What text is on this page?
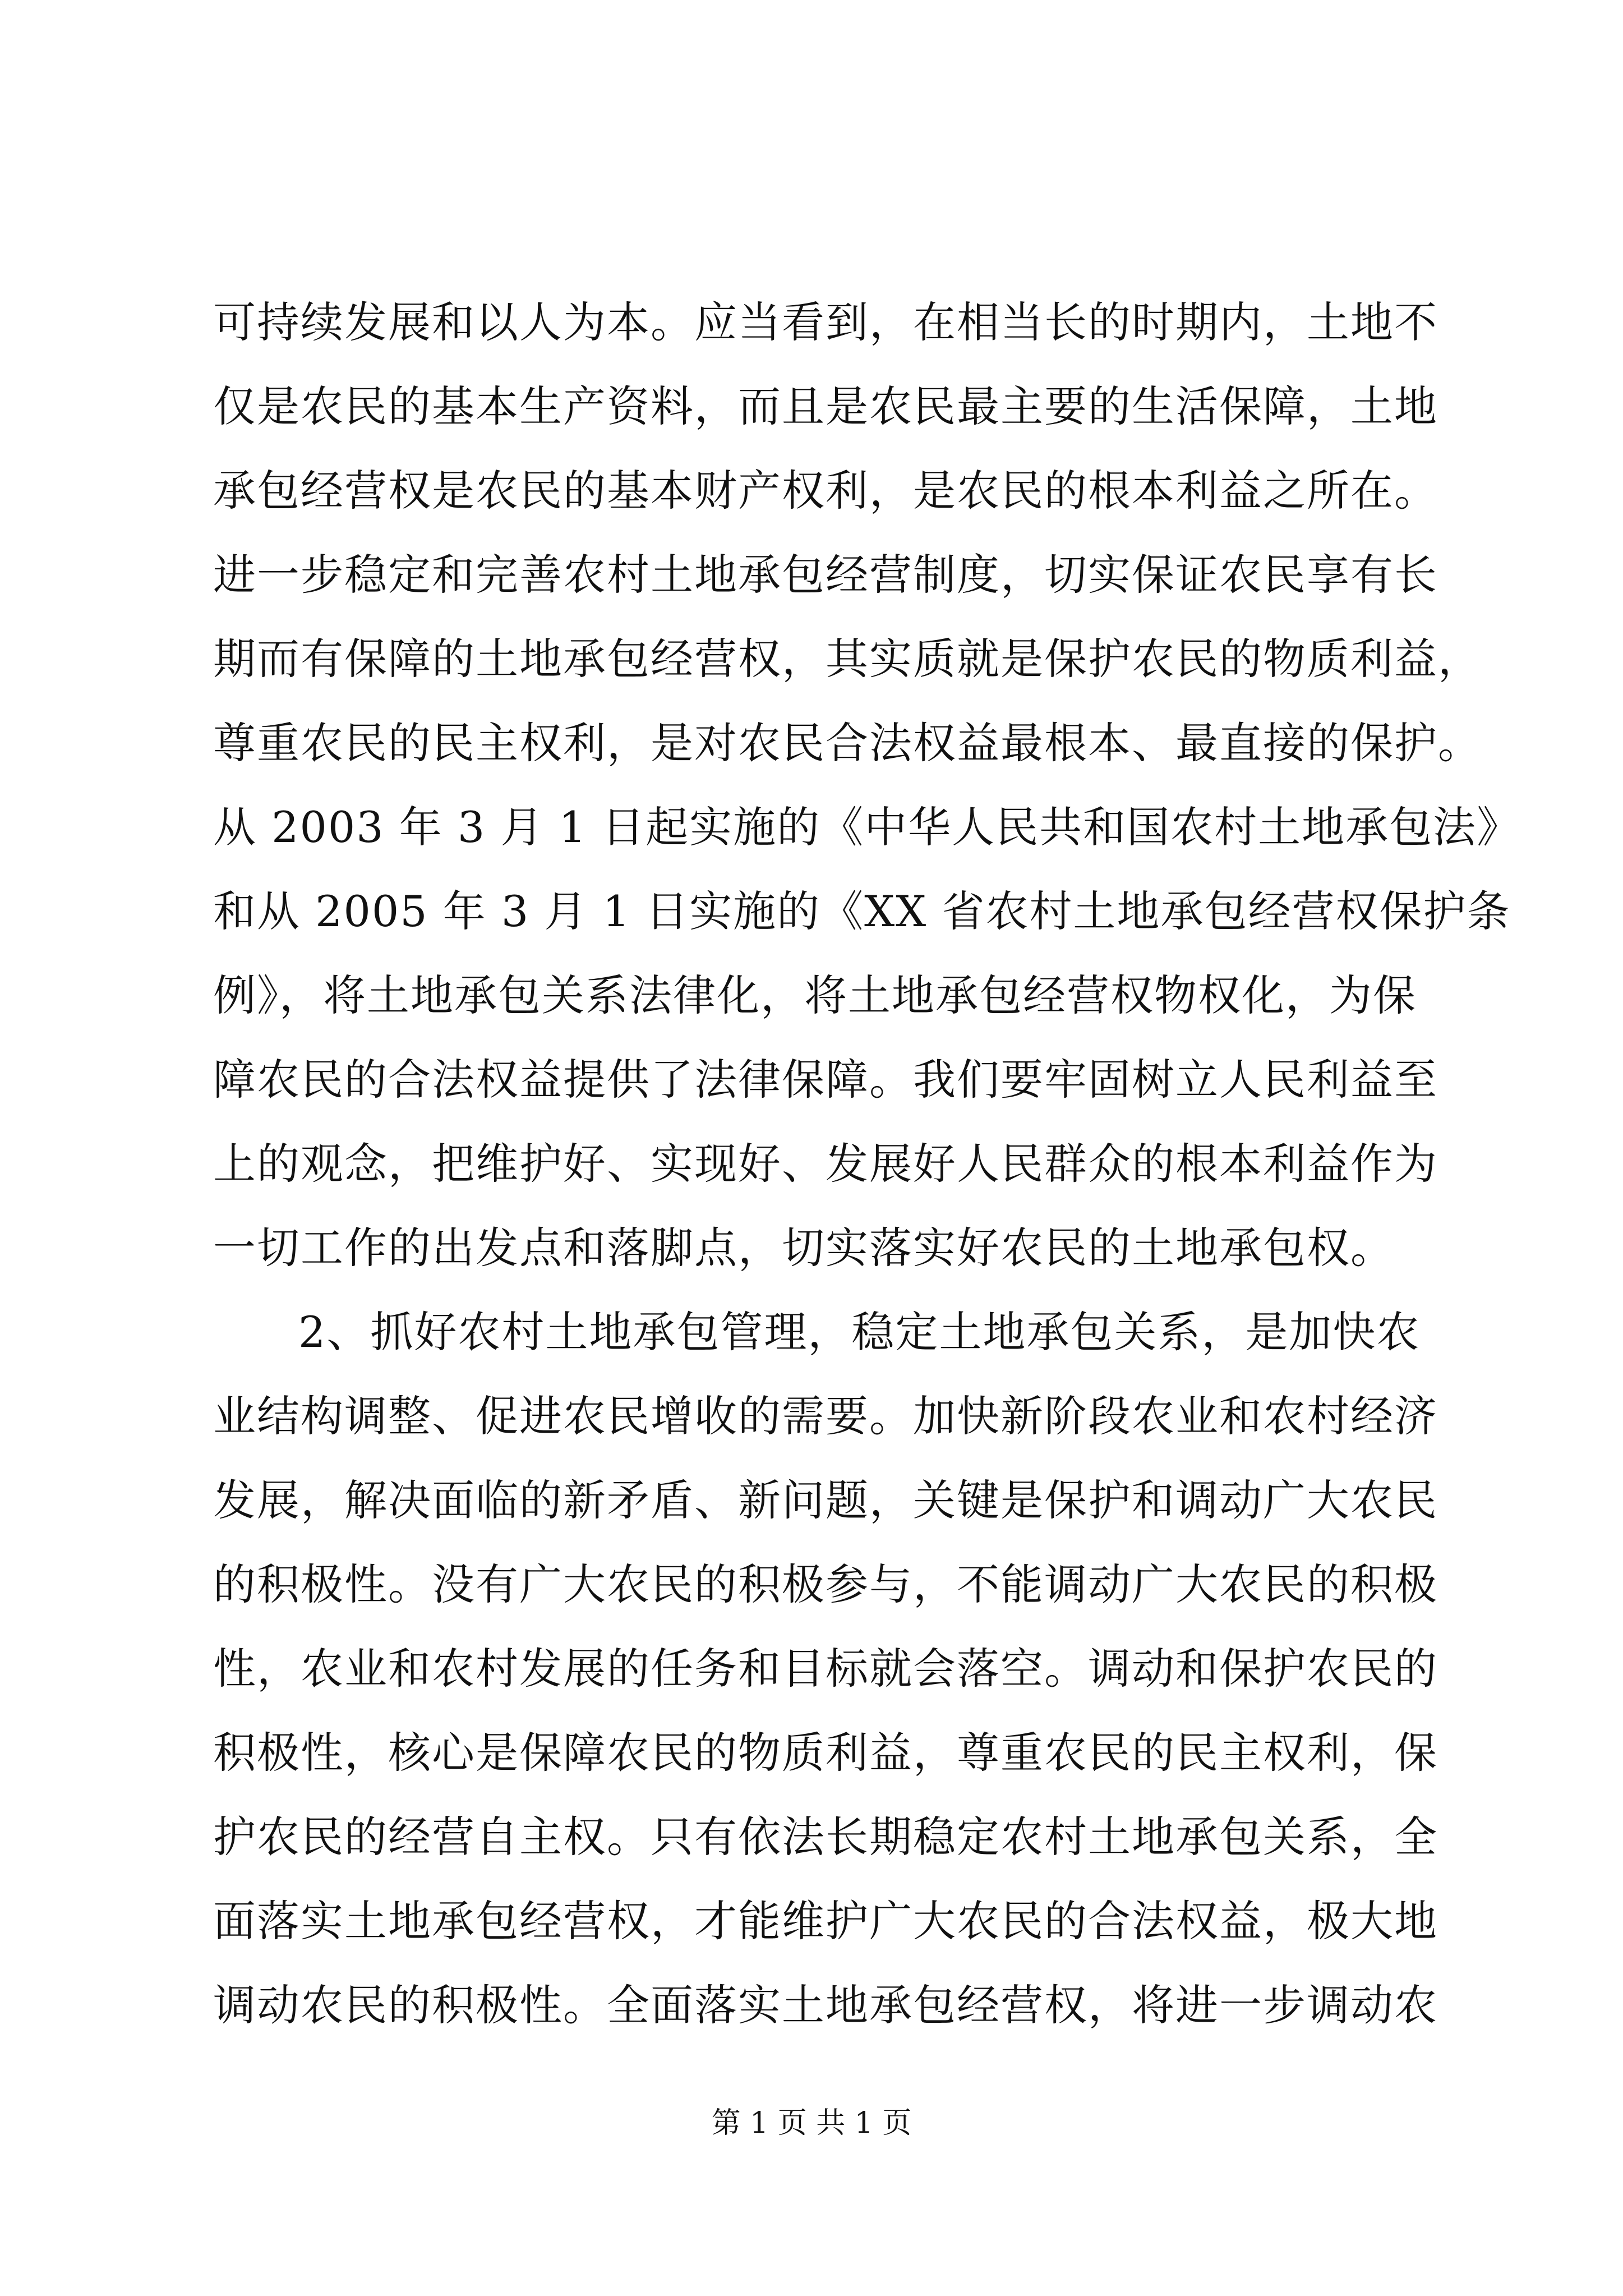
可持续发展和以人为本。应当看到，在相当长的时期内，土地不
仅是农民的基本生产资料，而且是农民最主要的生活保障，土地
承包经营权是农民的基本财产权利，是农民的根本利益之所在。
进一步稳定和完善农村土地承包经营制度，切实保证农民享有长
期而有保障的土地承包经营权，其实质就是保护农民的物质利益，
尊重农民的民主权利，是对农民合法权益最根本、最直接的保护。
从 2003 年 3 月 1 日起实施的《中华人民共和国农村土地承包法》
和从 2005 年 3 月 1 日实施的《XX 省农村土地承包经营权保护条
例》，将土地承包关系法律化，将土地承包经营权物权化，为保
障农民的合法权益提供了法律保障。我们要牢固树立人民利益至
上的观念，把维护好、实现好、发展好人民群众的根本利益作为
一切工作的出发点和落脚点，切实落实好农民的土地承包权。
2、抓好农村土地承包管理，稳定土地承包关系，是加快农
业结构调整、促进农民增收的需要。加快新阶段农业和农村经济
发展，解决面临的新矛盾、新问题，关键是保护和调动广大农民
的积极性。没有广大农民的积极参与，不能调动广大农民的积极
性，农业和农村发展的任务和目标就会落空。调动和保护农民的
积极性，核心是保障农民的物质利益，尊重农民的民主权利，保
护农民的经营自主权。只有依法长期稳定农村土地承包关系，全
面落实土地承包经营权，才能维护广大农民的合法权益，极大地
调动农民的积极性。全面落实土地承包经营权，将进一步调动农
第 1 页 共 1 页
